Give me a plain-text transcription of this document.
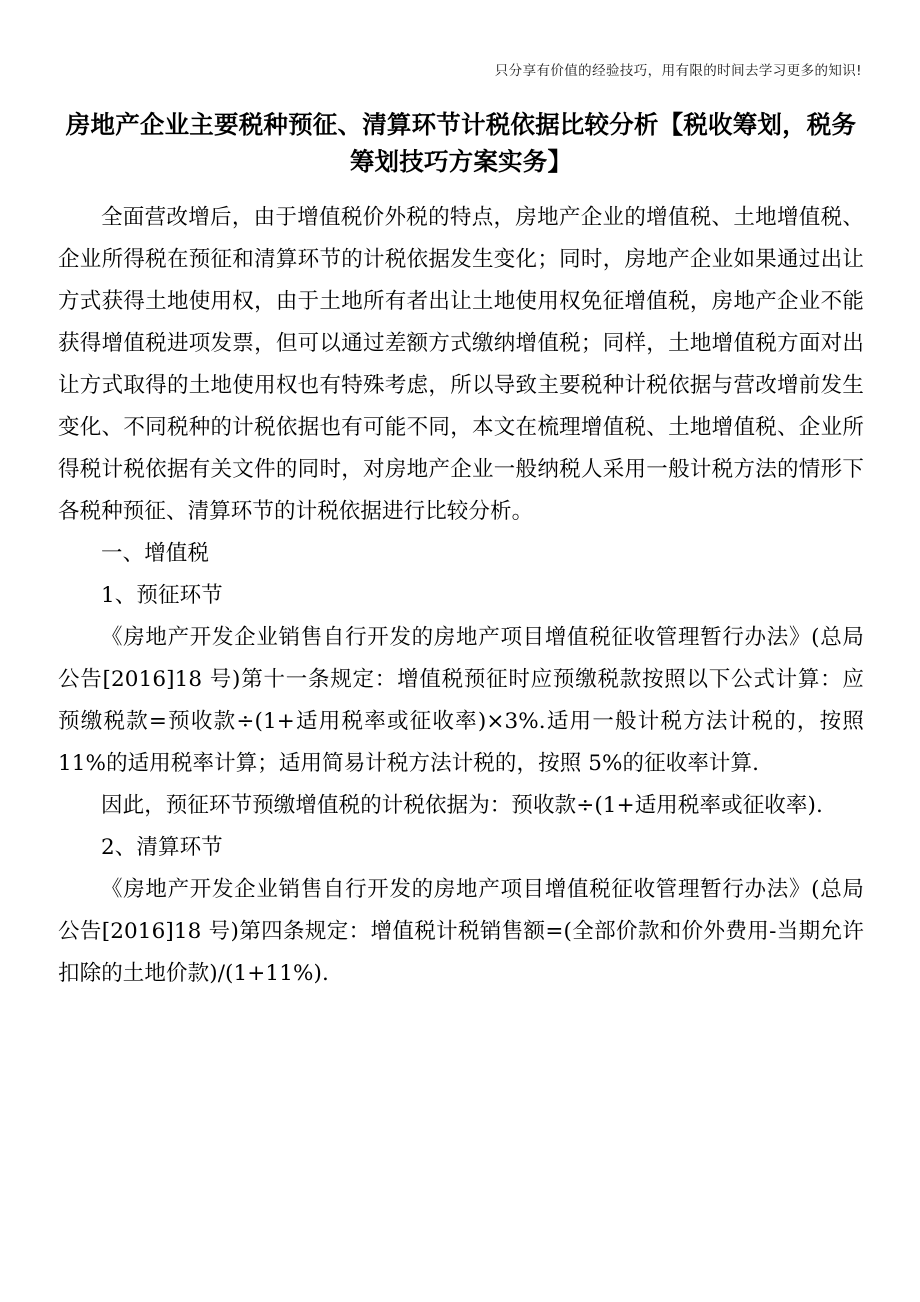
只分享有价值的经验技巧，用有限的时间去学习更多的知识!
房地产企业主要税种预征、清算环节计税依据比较分析【税收筹划，税务筹划技巧方案实务】

全面营改增后，由于增值税价外税的特点，房地产企业的增值税、土地增值税、企业所得税在预征和清算环节的计税依据发生变化；同时，房地产企业如果通过出让方式获得土地使用权，由于土地所有者出让土地使用权免征增值税，房地产企业不能获得增值税进项发票，但可以通过差额方式缴纳增值税；同样，土地增值税方面对出让方式取得的土地使用权也有特殊考虑，所以导致主要税种计税依据与营改增前发生变化、不同税种的计税依据也有可能不同，本文在梳理增值税、土地增值税、企业所得税计税依据有关文件的同时，对房地产企业一般纳税人采用一般计税方法的情形下各税种预征、清算环节的计税依据进行比较分析。

一、增值税

1、预征环节

《房地产开发企业销售自行开发的房地产项目增值税征收管理暂行办法》(总局公告[2016]18 号)第十一条规定：增值税预征时应预缴税款按照以下公式计算：应预缴税款=预收款÷(1+适用税率或征收率)×3%.适用一般计税方法计税的，按照 11%的适用税率计算；适用简易计税方法计税的，按照 5%的征收率计算.

因此，预征环节预缴增值税的计税依据为：预收款÷(1+适用税率或征收率).

2、清算环节

《房地产开发企业销售自行开发的房地产项目增值税征收管理暂行办法》(总局公告[2016]18 号)第四条规定：增值税计税销售额=(全部价款和价外费用-当期允许扣除的土地价款)/(1+11%).
